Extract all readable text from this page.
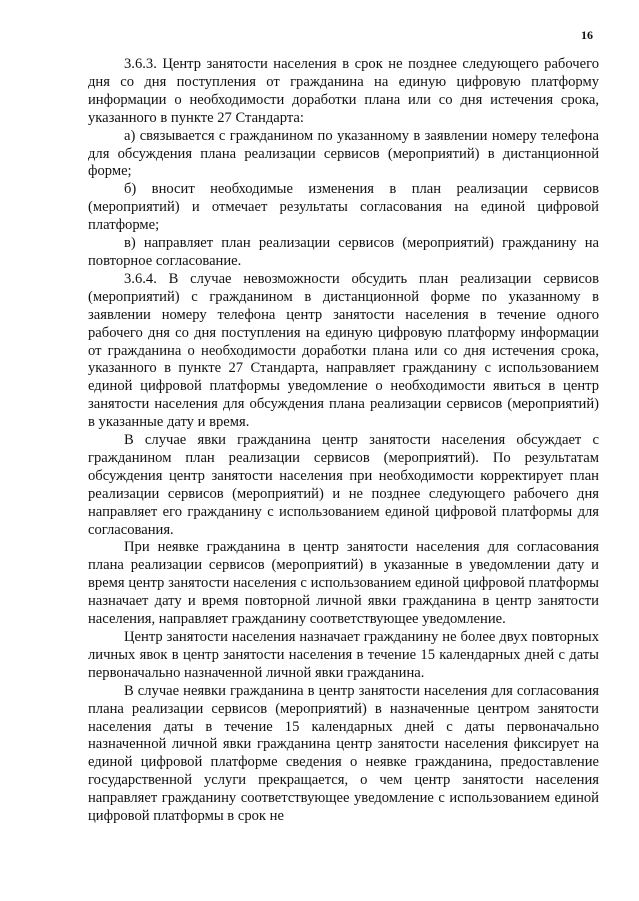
16

3.6.3. Центр занятости населения в срок не позднее следующего рабочего дня со дня поступления от гражданина на единую цифровую платформу информации о необходимости доработки плана или со дня истечения срока, указанного в пункте 27 Стандарта:

а) связывается с гражданином по указанному в заявлении номеру телефона для обсуждения плана реализации сервисов (мероприятий) в дистанционной форме;

б) вносит необходимые изменения в план реализации сервисов (мероприятий) и отмечает результаты согласования на единой цифровой платформе;

в) направляет план реализации сервисов (мероприятий) гражданину на повторное согласование.

3.6.4. В случае невозможности обсудить план реализации сервисов (мероприятий) с гражданином в дистанционной форме по указанному в заявлении номеру телефона центр занятости населения в течение одного рабочего дня со дня поступления на единую цифровую платформу информации от гражданина о необходимости доработки плана или со дня истечения срока, указанного в пункте 27 Стандарта, направляет гражданину с использованием единой цифровой платформы уведомление о необходимости явиться в центр занятости населения для обсуждения плана реализации сервисов (мероприятий) в указанные дату и время.

В случае явки гражданина центр занятости населения обсуждает с гражданином план реализации сервисов (мероприятий). По результатам обсуждения центр занятости населения при необходимости корректирует план реализации сервисов (мероприятий) и не позднее следующего рабочего дня направляет его гражданину с использованием единой цифровой платформы для согласования.

При неявке гражданина в центр занятости населения для согласования плана реализации сервисов (мероприятий) в указанные в уведомлении дату и время центр занятости населения с использованием единой цифровой платформы назначает дату и время повторной личной явки гражданина в центр занятости населения, направляет гражданину соответствующее уведомление.

Центр занятости населения назначает гражданину не более двух повторных личных явок в центр занятости населения в течение 15 календарных дней с даты первоначально назначенной личной явки гражданина.

В случае неявки гражданина в центр занятости населения для согласования плана реализации сервисов (мероприятий) в назначенные центром занятости населения даты в течение 15 календарных дней с даты первоначально назначенной личной явки гражданина центр занятости населения фиксирует на единой цифровой платформе сведения о неявке гражданина, предоставление государственной услуги прекращается, о чем центр занятости населения направляет гражданину соответствующее уведомление с использованием единой цифровой платформы в срок не
